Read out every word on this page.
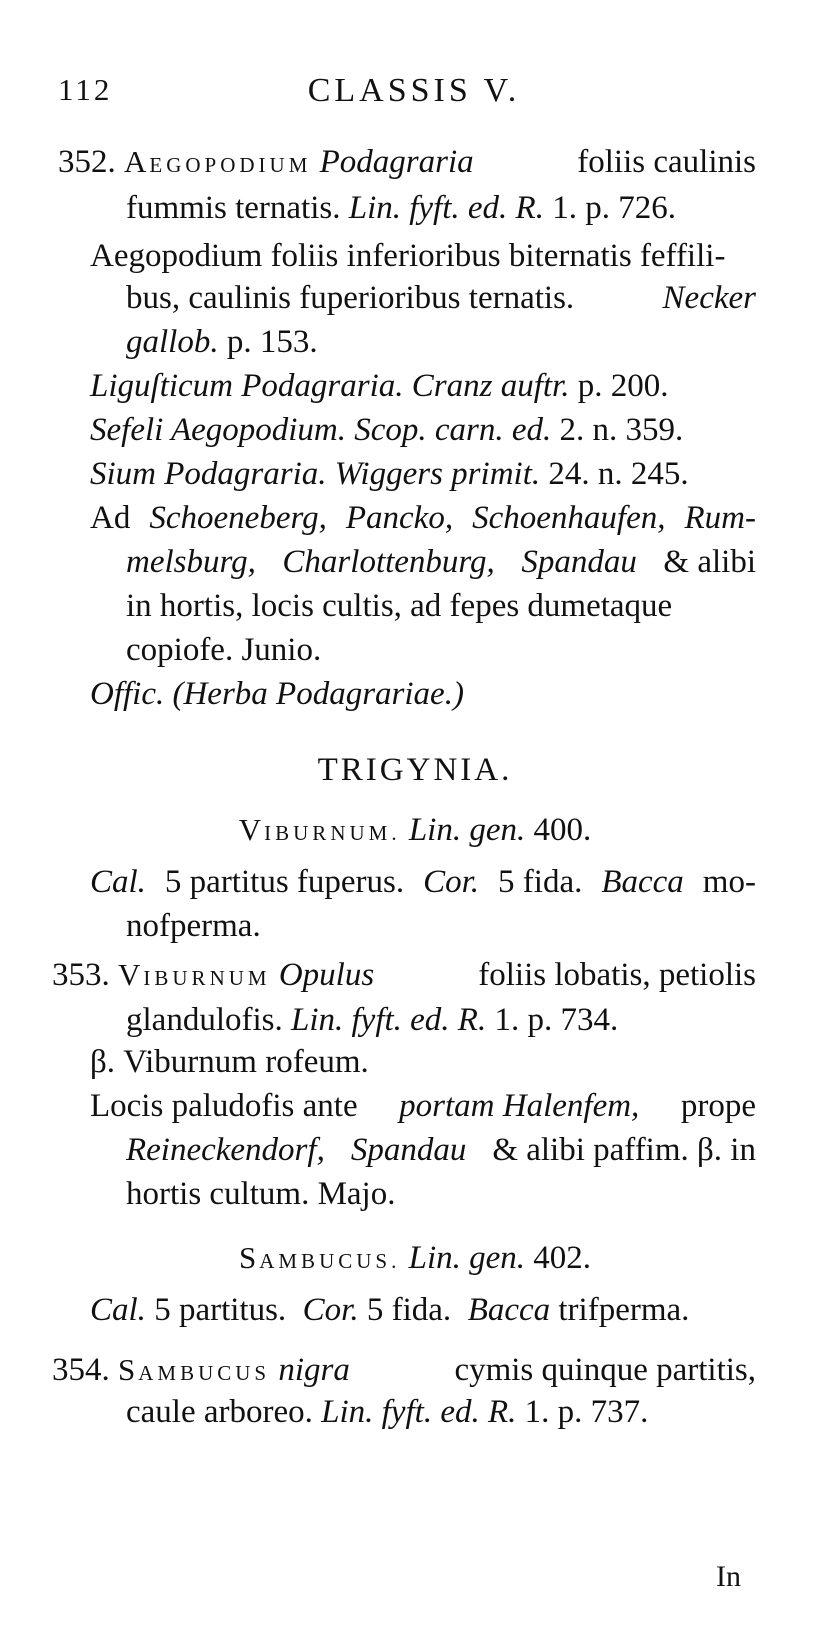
112	CLASSIS V.
352. AEGOPODIUM Podagraria	foliis caulinis
fummis ternatis. Lin. fyft. ed. R. 1. p. 726.
Aegopodium foliis inferioribus biternatis feffili-
bus, caulinis fuperioribus ternatis.	Necker
gallob. p. 153.
Liguſticum Podagraria. Cranz auftr. p. 200.
Sefeli Aegopodium. Scop. carn. ed. 2. n. 359.
Sium Podagraria. Wiggers primit. 24. n. 245.
Ad Schoeneberg, Pancko, Schoenhaufen, Rum-
melsburg, Charlottenburg, Spandau & alibi
in hortis, locis cultis, ad fepes dumetaque
copiofe. Junio.
Offic. (Herba Podagrariae.)
TRIGYNIA.
VIBURNUM. Lin. gen. 400.
Cal. 5 partitus fuperus. Cor. 5 fida. Bacca mo-
nofperma.
353. VIBURNUM Opulus	foliis lobatis, petiolis
glandulofis. Lin. fyft. ed. R. 1. p. 734.
β. Viburnum rofeum.
Locis paludofis ante portam Halenfem, prope
Reineckendorf, Spandau & alibi paffim. β. in
hortis cultum. Majo.
SAMBUCUS. Lin. gen. 402.
Cal. 5 partitus. Cor. 5 fida. Bacca trifperma.
354. SAMBUCUS nigra	cymis quinque partitis,
caule arboreo. Lin. fyft. ed. R. 1. p. 737.
In
